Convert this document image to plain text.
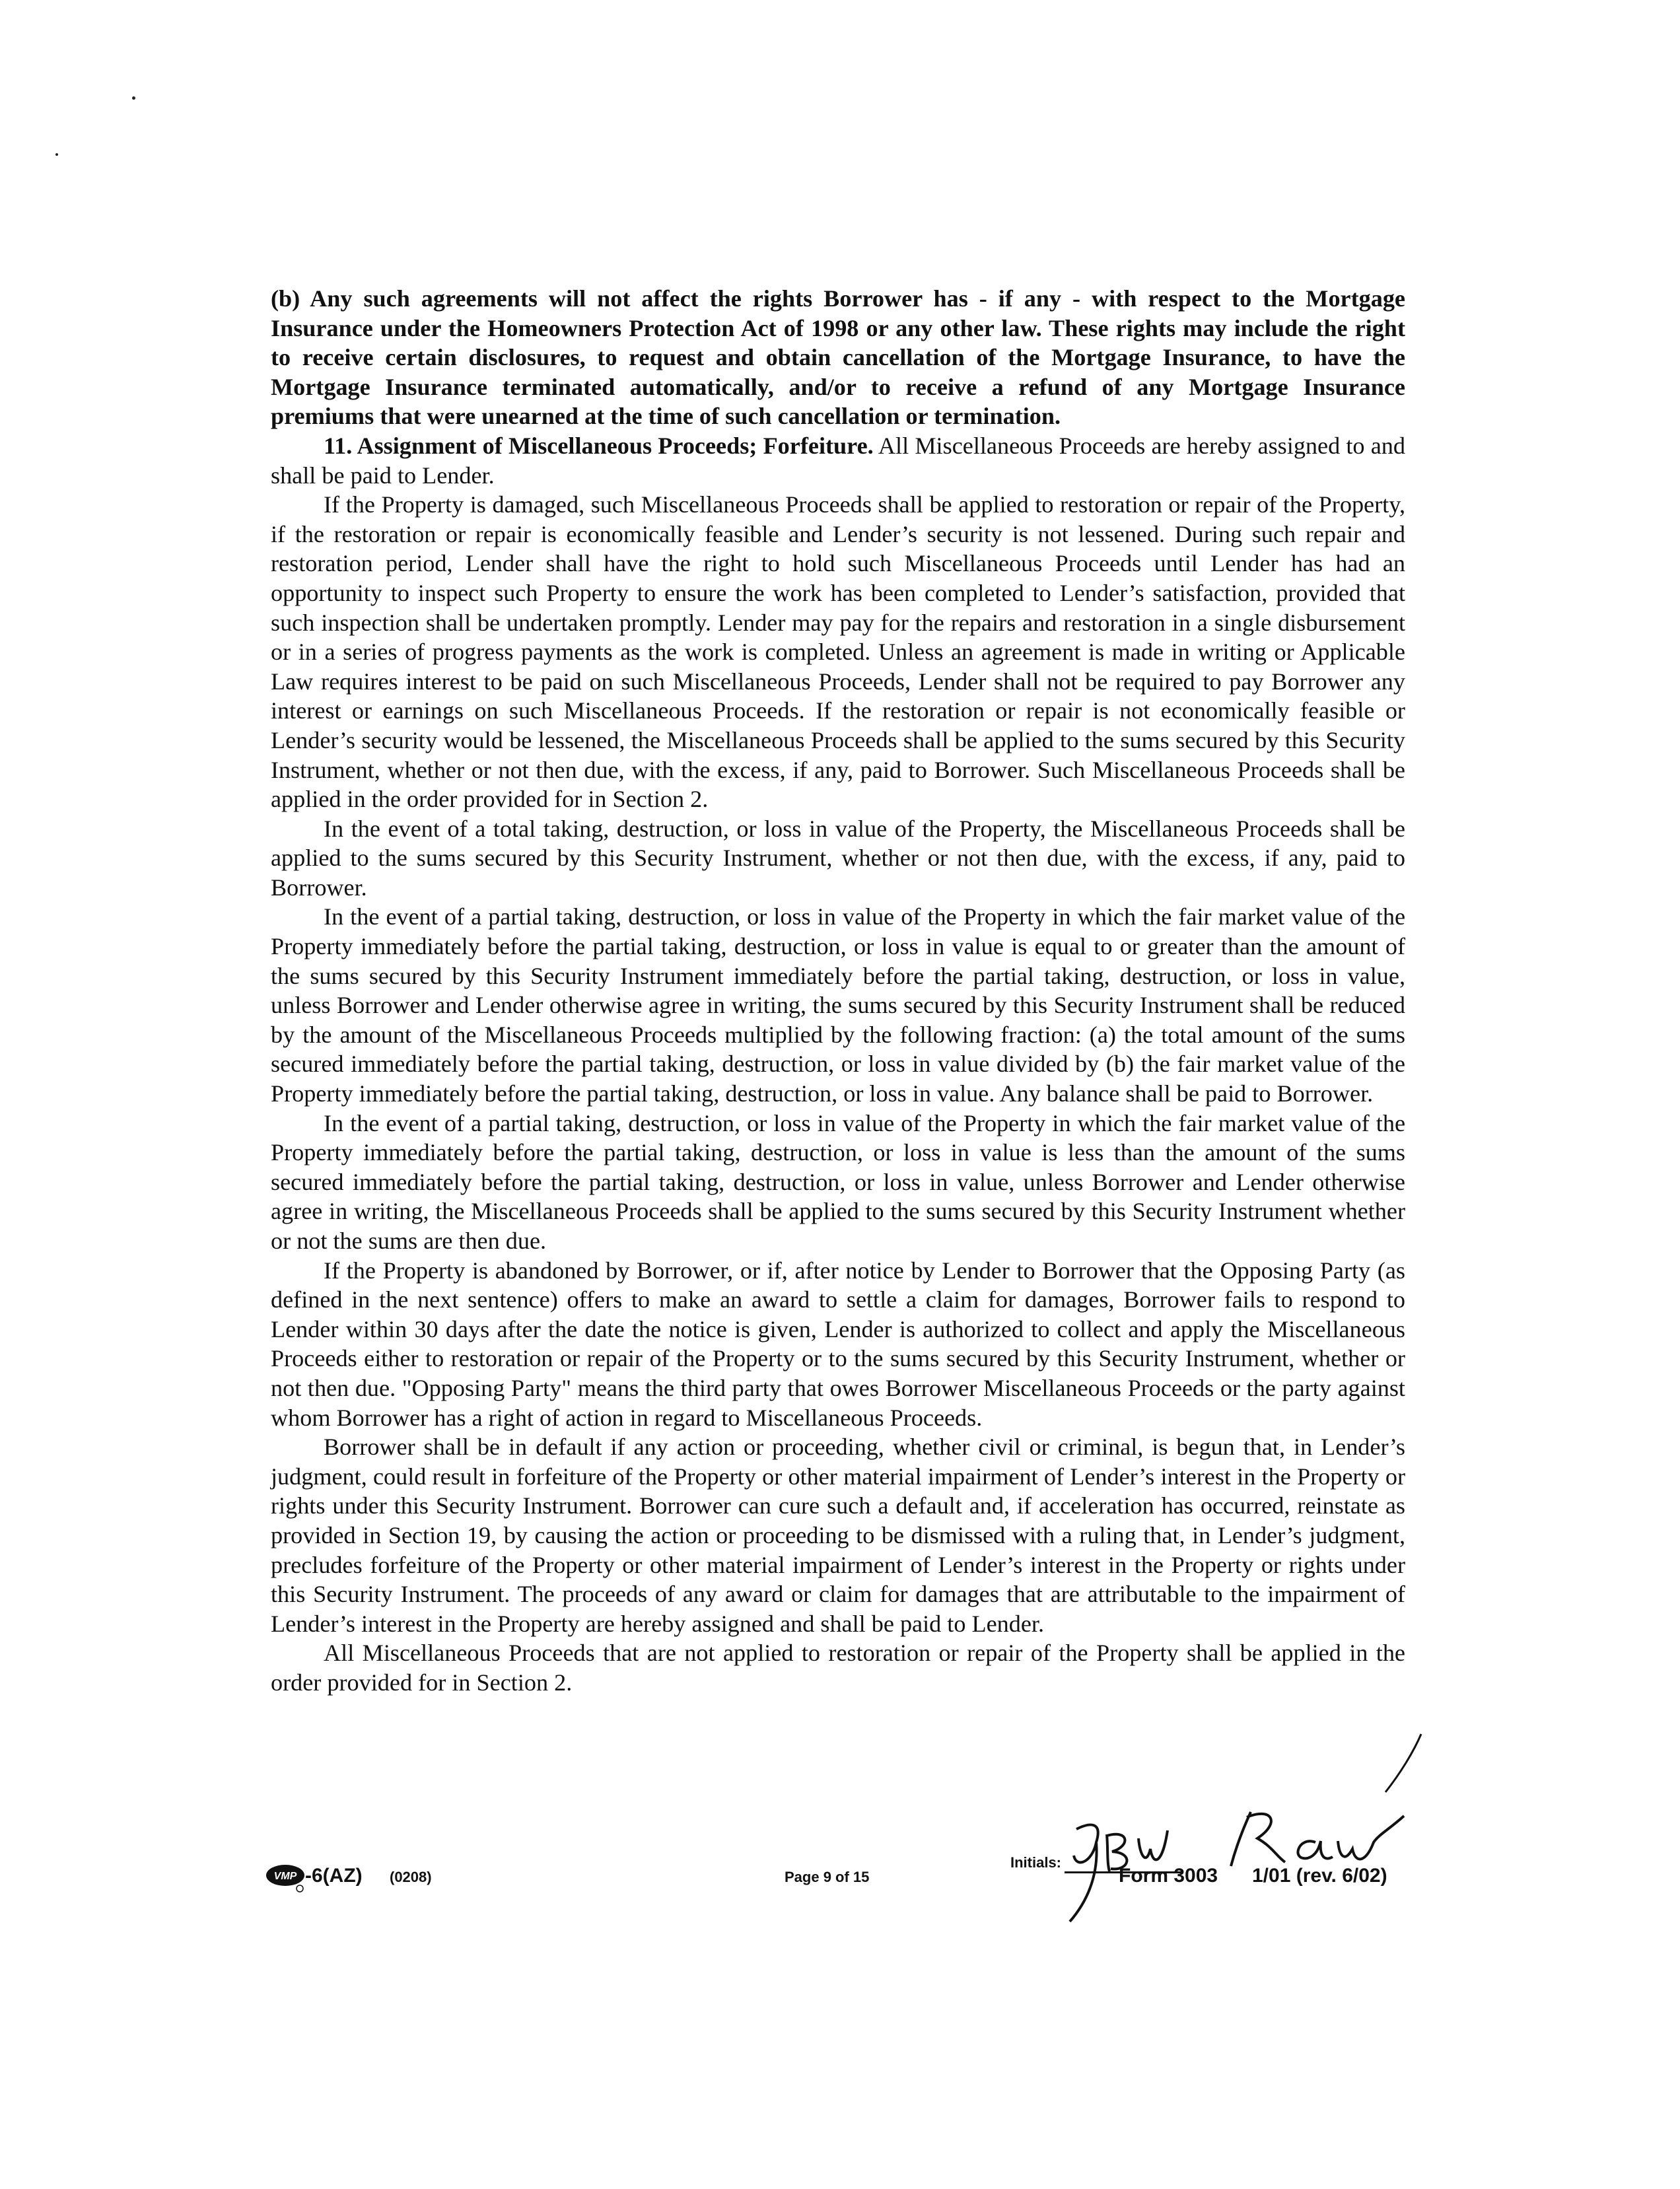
(b) Any such agreements will not affect the rights Borrower has - if any - with respect to the Mortgage Insurance under the Homeowners Protection Act of 1998 or any other law. These rights may include the right to receive certain disclosures, to request and obtain cancellation of the Mortgage Insurance, to have the Mortgage Insurance terminated automatically, and/or to receive a refund of any Mortgage Insurance premiums that were unearned at the time of such cancellation or termination.

11. Assignment of Miscellaneous Proceeds; Forfeiture. All Miscellaneous Proceeds are hereby assigned to and shall be paid to Lender.

If the Property is damaged, such Miscellaneous Proceeds shall be applied to restoration or repair of the Property, if the restoration or repair is economically feasible and Lender’s security is not lessened. During such repair and restoration period, Lender shall have the right to hold such Miscellaneous Proceeds until Lender has had an opportunity to inspect such Property to ensure the work has been completed to Lender’s satisfaction, provided that such inspection shall be undertaken promptly. Lender may pay for the repairs and restoration in a single disbursement or in a series of progress payments as the work is completed. Unless an agreement is made in writing or Applicable Law requires interest to be paid on such Miscellaneous Proceeds, Lender shall not be required to pay Borrower any interest or earnings on such Miscellaneous Proceeds. If the restoration or repair is not economically feasible or Lender’s security would be lessened, the Miscellaneous Proceeds shall be applied to the sums secured by this Security Instrument, whether or not then due, with the excess, if any, paid to Borrower. Such Miscellaneous Proceeds shall be applied in the order provided for in Section 2.

In the event of a total taking, destruction, or loss in value of the Property, the Miscellaneous Proceeds shall be applied to the sums secured by this Security Instrument, whether or not then due, with the excess, if any, paid to Borrower.

In the event of a partial taking, destruction, or loss in value of the Property in which the fair market value of the Property immediately before the partial taking, destruction, or loss in value is equal to or greater than the amount of the sums secured by this Security Instrument immediately before the partial taking, destruction, or loss in value, unless Borrower and Lender otherwise agree in writing, the sums secured by this Security Instrument shall be reduced by the amount of the Miscellaneous Proceeds multiplied by the following fraction: (a) the total amount of the sums secured immediately before the partial taking, destruction, or loss in value divided by (b) the fair market value of the Property immediately before the partial taking, destruction, or loss in value. Any balance shall be paid to Borrower.

In the event of a partial taking, destruction, or loss in value of the Property in which the fair market value of the Property immediately before the partial taking, destruction, or loss in value is less than the amount of the sums secured immediately before the partial taking, destruction, or loss in value, unless Borrower and Lender otherwise agree in writing, the Miscellaneous Proceeds shall be applied to the sums secured by this Security Instrument whether or not the sums are then due.

If the Property is abandoned by Borrower, or if, after notice by Lender to Borrower that the Opposing Party (as defined in the next sentence) offers to make an award to settle a claim for damages, Borrower fails to respond to Lender within 30 days after the date the notice is given, Lender is authorized to collect and apply the Miscellaneous Proceeds either to restoration or repair of the Property or to the sums secured by this Security Instrument, whether or not then due. "Opposing Party" means the third party that owes Borrower Miscellaneous Proceeds or the party against whom Borrower has a right of action in regard to Miscellaneous Proceeds.

Borrower shall be in default if any action or proceeding, whether civil or criminal, is begun that, in Lender’s judgment, could result in forfeiture of the Property or other material impairment of Lender’s interest in the Property or rights under this Security Instrument. Borrower can cure such a default and, if acceleration has occurred, reinstate as provided in Section 19, by causing the action or proceeding to be dismissed with a ruling that, in Lender’s judgment, precludes forfeiture of the Property or other material impairment of Lender’s interest in the Property or rights under this Security Instrument. The proceeds of any award or claim for damages that are attributable to the impairment of Lender’s interest in the Property are hereby assigned and shall be paid to Lender.

All Miscellaneous Proceeds that are not applied to restoration or repair of the Property shall be applied in the order provided for in Section 2.

VMP -6(AZ) (0208)	Page 9 of 15
Initials:
Form 3003 1/01 (rev. 6/02)
